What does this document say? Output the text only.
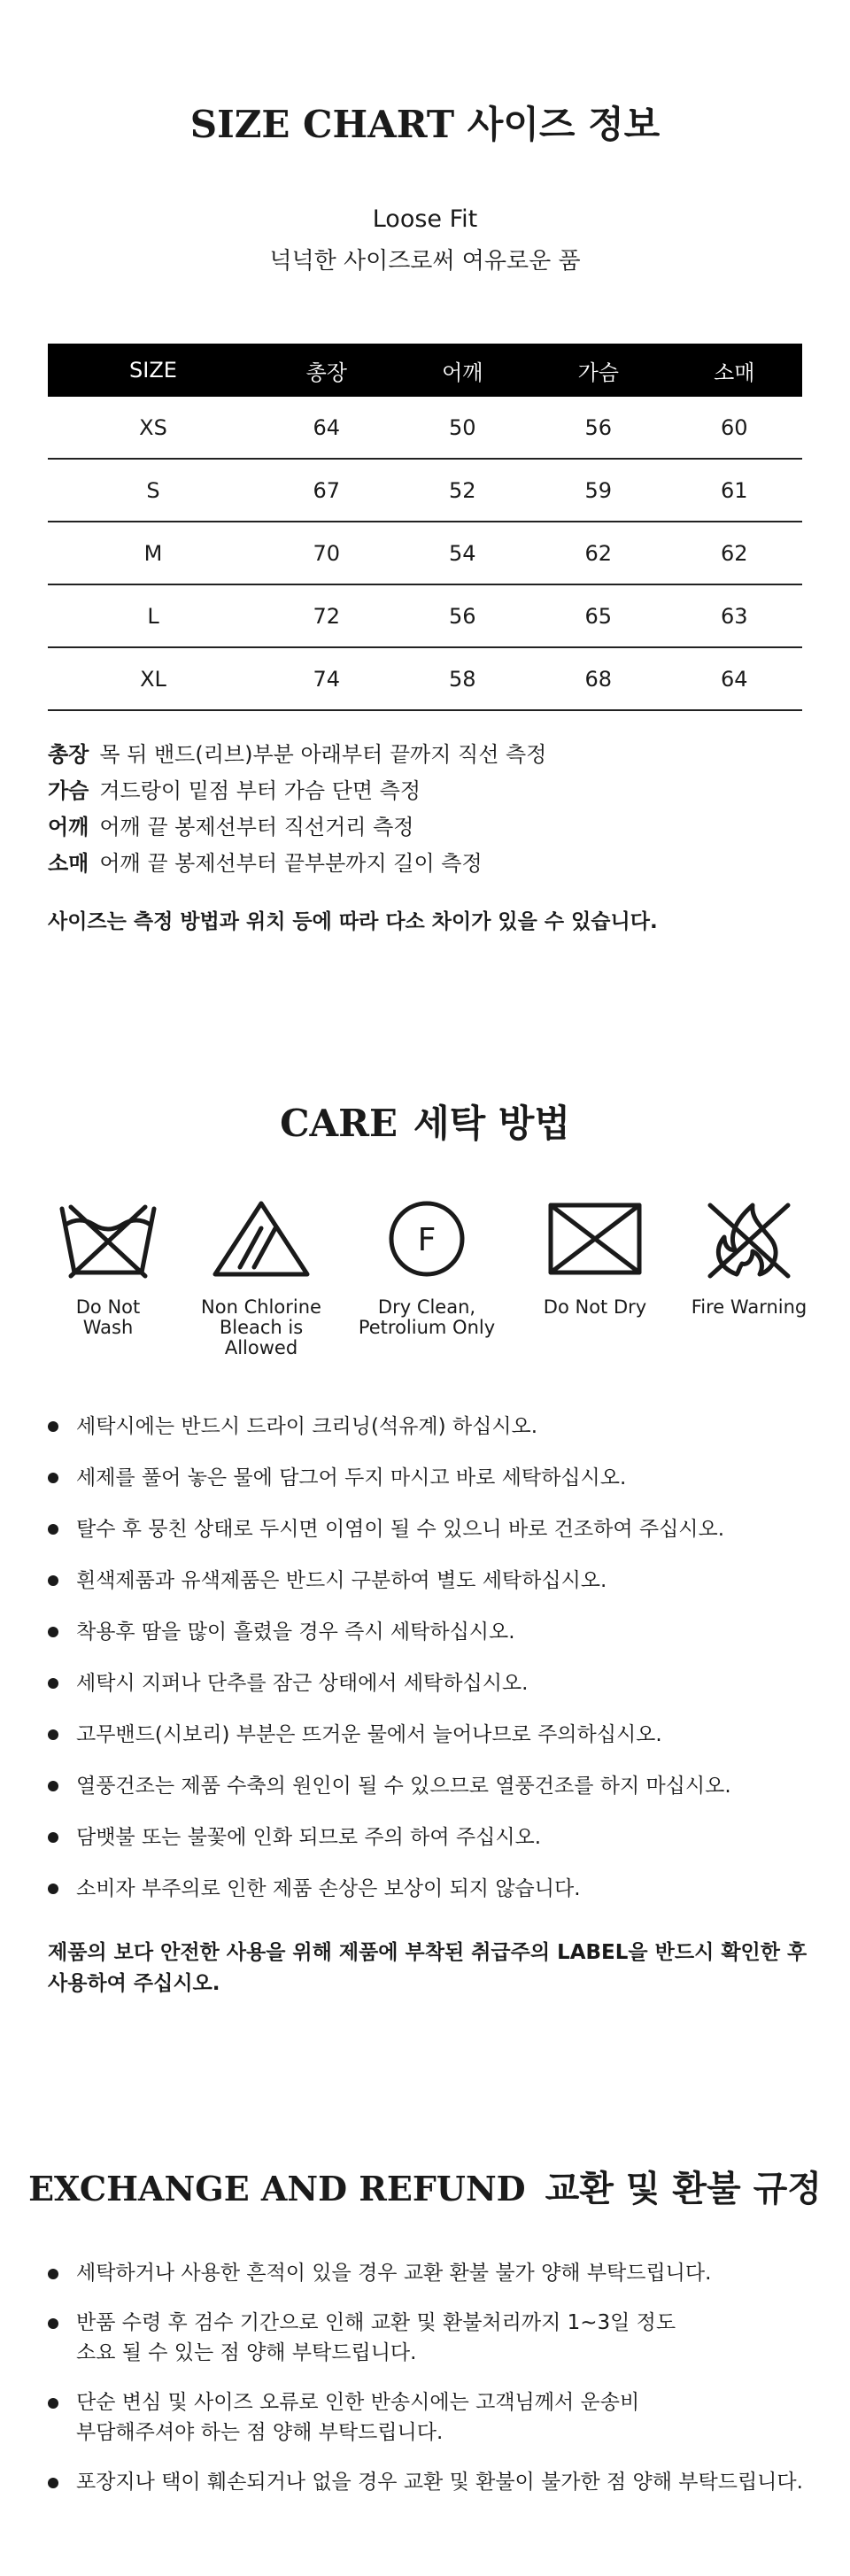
SIZE CHART 사이즈 정보
Loose Fit
넉넉한 사이즈로써 여유로운 품
SIZE	총장	어깨	가슴	소매
XS	64	50	56	60
S	67	52	59	61
M	70	54	62	62
L	72	56	65	63
XL	74	58	68	64
총장 목 뒤 밴드(리브)부분 아래부터 끝까지 직선 측정
가슴 겨드랑이 밑점 부터 가슴 단면 측정
어깨 어깨 끝 봉제선부터 직선거리 측정
소매 어깨 끝 봉제선부터 끝부분까지 길이 측정
사이즈는 측정 방법과 위치 등에 따라 다소 차이가 있을 수 있습니다.
CARE 세탁 방법
Do Not
Wash
Non Chlorine
Bleach is
Allowed
F
Dry Clean,
Petrolium Only
Do Not Dry	Fire Warning
세탁시에는 반드시 드라이 크리닝(석유계) 하십시오.
세제를 풀어 놓은 물에 담그어 두지 마시고 바로 세탁하십시오.
탈수 후 뭉친 상태로 두시면 이염이 될 수 있으니 바로 건조하여 주십시오.
흰색제품과 유색제품은 반드시 구분하여 별도 세탁하십시오.
착용후 땀을 많이 흘렸을 경우 즉시 세탁하십시오.
세탁시 지퍼나 단추를 잠근 상태에서 세탁하십시오.
고무밴드(시보리) 부분은 뜨거운 물에서 늘어나므로 주의하십시오.
열풍건조는 제품 수축의 원인이 될 수 있으므로 열풍건조를 하지 마십시오.
담뱃불 또는 불꽃에 인화 되므로 주의 하여 주십시오.
소비자 부주의로 인한 제품 손상은 보상이 되지 않습니다.
제품의 보다 안전한 사용을 위해 제품에 부착된 취급주의 LABEL을 반드시 확인한 후
사용하여 주십시오.
EXCHANGE AND REFUND 교환 및 환불 규정
세탁하거나 사용한 흔적이 있을 경우 교환 환불 불가 양해 부탁드립니다.
반품 수령 후 검수 기간으로 인해 교환 및 환불처리까지 1~3일 정도
소요 될 수 있는 점 양해 부탁드립니다.
단순 변심 및 사이즈 오류로 인한 반송시에는 고객님께서 운송비
부담해주셔야 하는 점 양해 부탁드립니다.
포장지나 택이 훼손되거나 없을 경우 교환 및 환불이 불가한 점 양해 부탁드립니다.
